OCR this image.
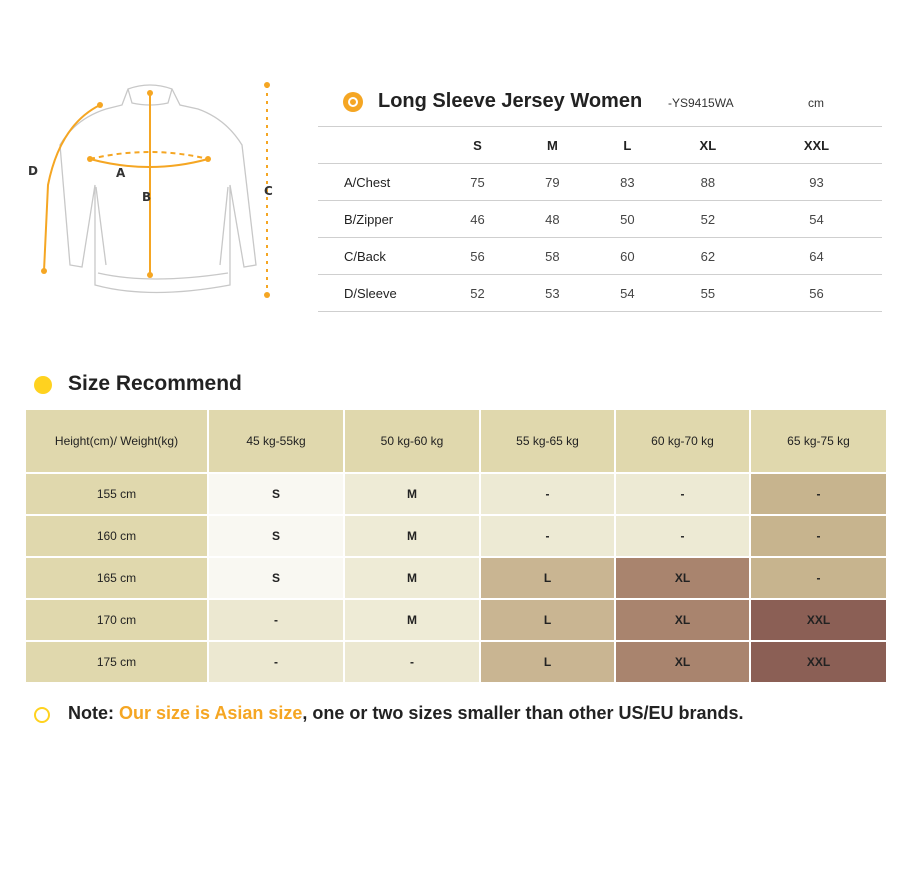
A
B	C
D
Long Sleeve Jersey Women -YS9415WA	cm
	S	M	L	XL	XXL
A/Chest	75	79	83	88	93
B/Zipper	46	48	50	52	54
C/Back	56	58	60	62	64
D/Sleeve	52	53	54	55	56
Size Recommend
Height(cm)/ Weight(kg)	45 kg-55kg	50 kg-60 kg	55 kg-65 kg	60 kg-70 kg	65 kg-75 kg
155 cm	S	M	-	-	-
160 cm	S	M	-	-	-
165 cm	S	M	L	XL	-
170 cm	-	M	L	XL	XXL
175 cm	-	-	L	XL	XXL
Note: Our size is Asian size, one or two sizes smaller than other US/EU brands.
